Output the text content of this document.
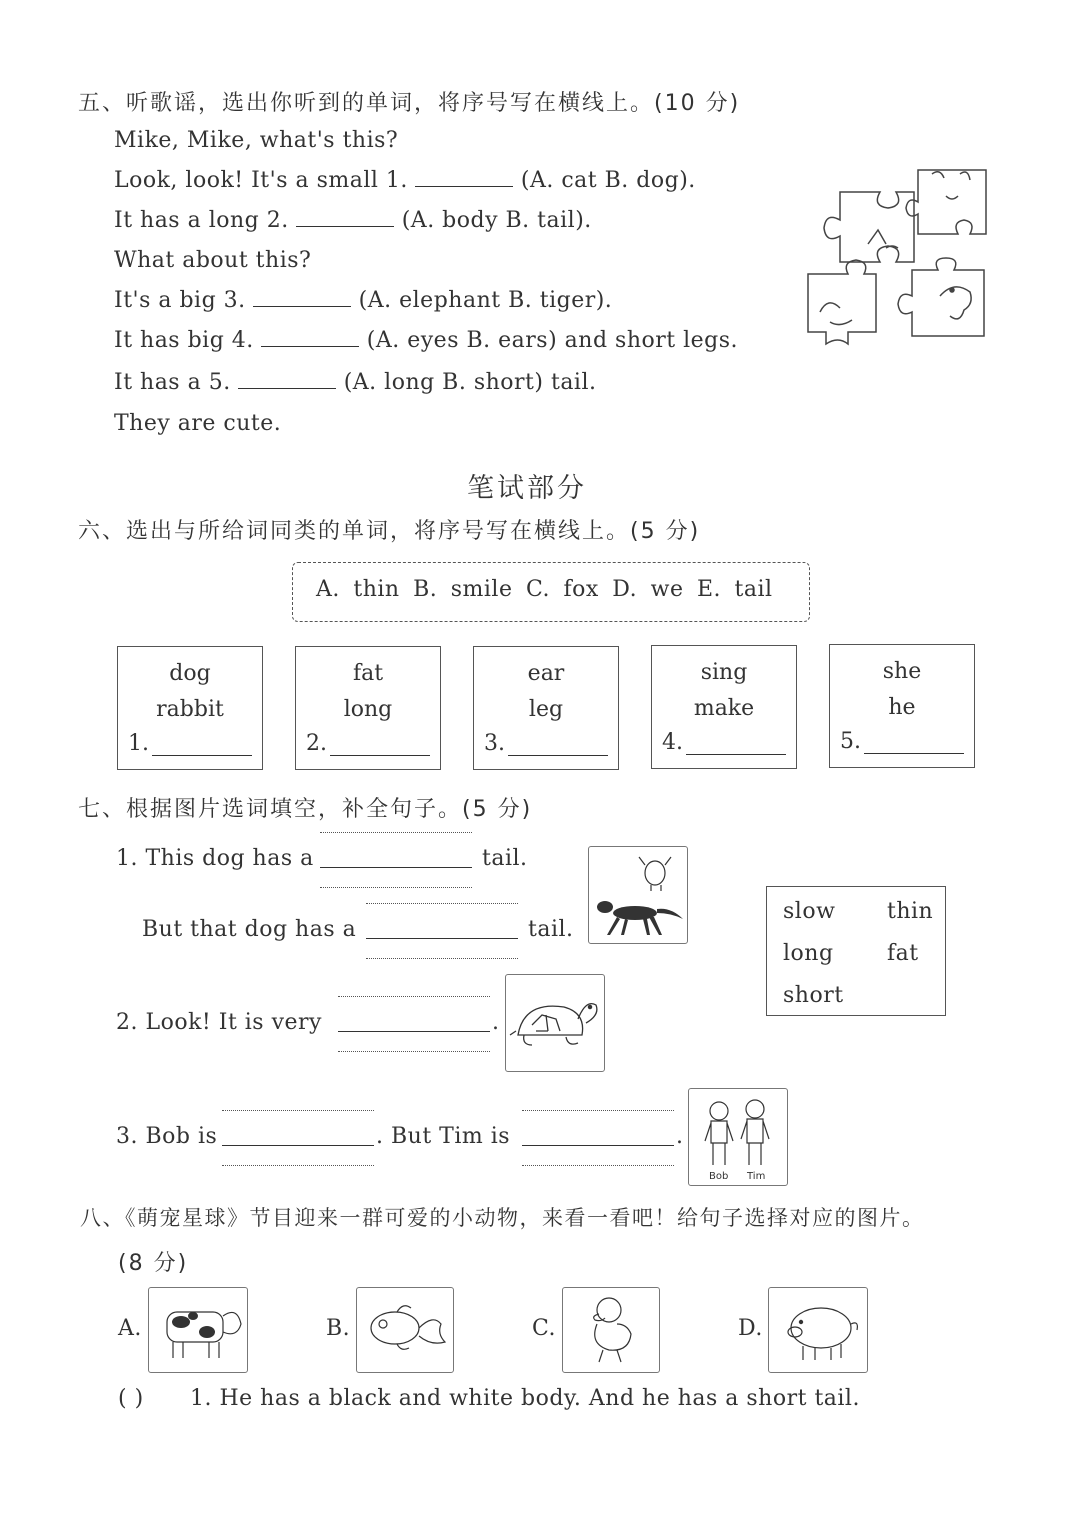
五、听歌谣，选出你听到的单词，将序号写在横线上。(10 分)
Mike, Mike, what's this?
Look, look! It's a small 1.	(A. cat B. dog).
It has a long 2.	(A. body B. tail).
What about this?
It's a big 3.	(A. elephant B. tiger).
It has big 4.	(A. eyes B. ears) and short legs.
It has a 5.	(A. long B. short) tail.
They are cute.
笔试部分
六、选出与所给词同类的单词，将序号写在横线上。(5 分)
A. thin B. smile C. fox D. we E. tail
dog
rabbit
1.
fat
long
2.
ear
leg
3.
sing
make
4.
she
he
5.
七、根据图片选词填空，补全句子。(5 分)
1. This dog has a	tail.
But that dog has a	tail.
2. Look! It is very	.
3. Bob is	. But Tim is	.
Bob Tim
slow thin
long fat
short
八、《萌宠星球》节目迎来一群可爱的小动物，来看一看吧！给句子选择对应的图片。
(8 分)
A.	B.	C.	D.
( ) 1. He has a black and white body. And he has a short tail.
